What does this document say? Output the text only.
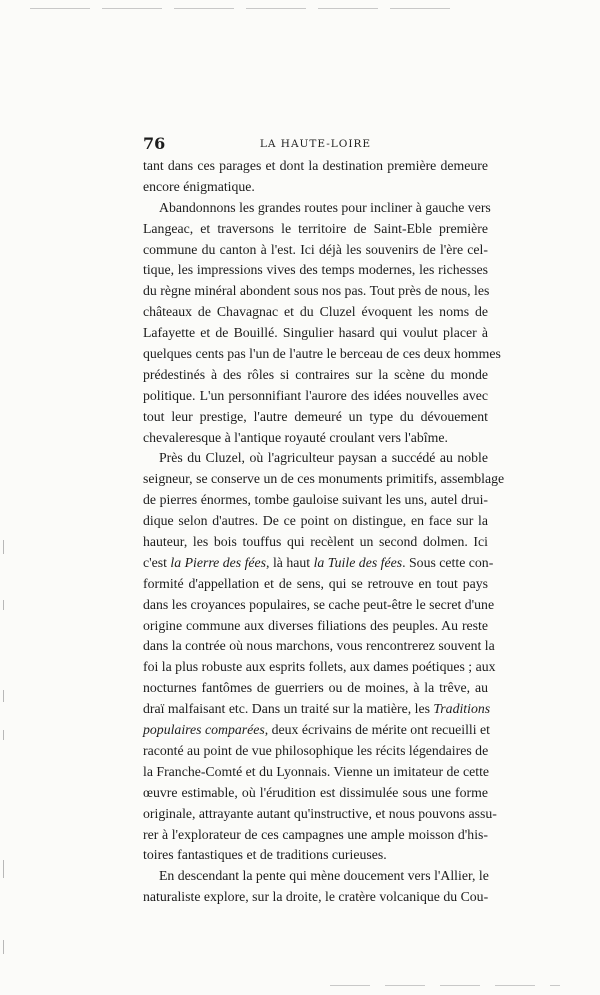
76	LA HAUTE-LOIRE
tant dans ces parages et dont la destination première demeure
encore énigmatique.
Abandonnons les grandes routes pour incliner à gauche vers
Langeac, et traversons le territoire de Saint-Eble première
commune du canton à l'est. Ici déjà les souvenirs de l'ère cel-
tique, les impressions vives des temps modernes, les richesses
du règne minéral abondent sous nos pas. Tout près de nous, les
châteaux de Chavagnac et du Cluzel évoquent les noms de
Lafayette et de Bouillé. Singulier hasard qui voulut placer à
quelques cents pas l'un de l'autre le berceau de ces deux hommes
prédestinés à des rôles si contraires sur la scène du monde
politique. L'un personnifiant l'aurore des idées nouvelles avec
tout leur prestige, l'autre demeuré un type du dévouement
chevaleresque à l'antique royauté croulant vers l'abîme.
Près du Cluzel, où l'agriculteur paysan a succédé au noble
seigneur, se conserve un de ces monuments primitifs, assemblage
de pierres énormes, tombe gauloise suivant les uns, autel drui-
dique selon d'autres. De ce point on distingue, en face sur la
hauteur, les bois touffus qui recèlent un second dolmen. Ici
c'est la Pierre des fées, là haut la Tuile des fées. Sous cette con-
formité d'appellation et de sens, qui se retrouve en tout pays
dans les croyances populaires, se cache peut-être le secret d'une
origine commune aux diverses filiations des peuples. Au reste
dans la contrée où nous marchons, vous rencontrerez souvent la
foi la plus robuste aux esprits follets, aux dames poétiques ; aux
nocturnes fantômes de guerriers ou de moines, à la trêve, au
draï malfaisant etc. Dans un traité sur la matière, les Traditions
populaires comparées, deux écrivains de mérite ont recueilli et
raconté au point de vue philosophique les récits légendaires de
la Franche-Comté et du Lyonnais. Vienne un imitateur de cette
œuvre estimable, où l'érudition est dissimulée sous une forme
originale, attrayante autant qu'instructive, et nous pouvons assu-
rer à l'explorateur de ces campagnes une ample moisson d'his-
toires fantastiques et de traditions curieuses.
En descendant la pente qui mène doucement vers l'Allier, le
naturaliste explore, sur la droite, le cratère volcanique du Cou-
